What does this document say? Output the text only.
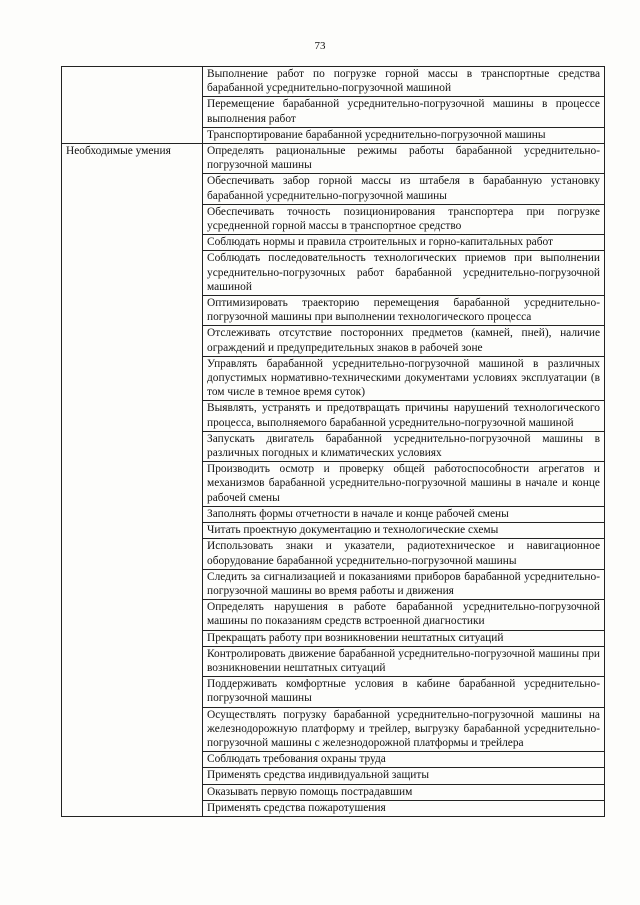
73
	Выполнение работ по погрузке горной массы в транспортные средства барабанной усреднительно-погрузочной машиной
	Перемещение барабанной усреднительно-погрузочной машины в процессе выполнения работ
	Транспортирование барабанной усреднительно-погрузочной машины
Необходимые умения	Определять рациональные режимы работы барабанной усреднительно-погрузочной машины
	Обеспечивать забор горной массы из штабеля в барабанную установку барабанной усреднительно-погрузочной машины
	Обеспечивать точность позиционирования транспортера при погрузке усредненной горной массы в транспортное средство
	Соблюдать нормы и правила строительных и горно-капитальных работ
	Соблюдать последовательность технологических приемов при выполнении усреднительно-погрузочных работ барабанной усреднительно-погрузочной машиной
	Оптимизировать траекторию перемещения барабанной усреднительно-погрузочной машины при выполнении технологического процесса
	Отслеживать отсутствие посторонних предметов (камней, пней), наличие ограждений и предупредительных знаков в рабочей зоне
	Управлять барабанной усреднительно-погрузочной машиной в различных допустимых нормативно-техническими документами условиях эксплуатации (в том числе в темное время суток)
	Выявлять, устранять и предотвращать причины нарушений технологического процесса, выполняемого барабанной усреднительно-погрузочной машиной
	Запускать двигатель барабанной усреднительно-погрузочной машины в различных погодных и климатических условиях
	Производить осмотр и проверку общей работоспособности агрегатов и механизмов барабанной усреднительно-погрузочной машины в начале и конце рабочей смены
	Заполнять формы отчетности в начале и конце рабочей смены
	Читать проектную документацию и технологические схемы
	Использовать знаки и указатели, радиотехническое и навигационное оборудование барабанной усреднительно-погрузочной машины
	Следить за сигнализацией и показаниями приборов барабанной усреднительно-погрузочной машины во время работы и движения
	Определять нарушения в работе барабанной усреднительно-погрузочной машины по показаниям средств встроенной диагностики
	Прекращать работу при возникновении нештатных ситуаций
	Контролировать движение барабанной усреднительно-погрузочной машины при возникновении нештатных ситуаций
	Поддерживать комфортные условия в кабине барабанной усреднительно-погрузочной машины
	Осуществлять погрузку барабанной усреднительно-погрузочной машины на железнодорожную платформу и трейлер, выгрузку барабанной усреднительно-погрузочной машины с железнодорожной платформы и трейлера
	Соблюдать требования охраны труда
	Применять средства индивидуальной защиты
	Оказывать первую помощь пострадавшим
	Применять средства пожаротушения
